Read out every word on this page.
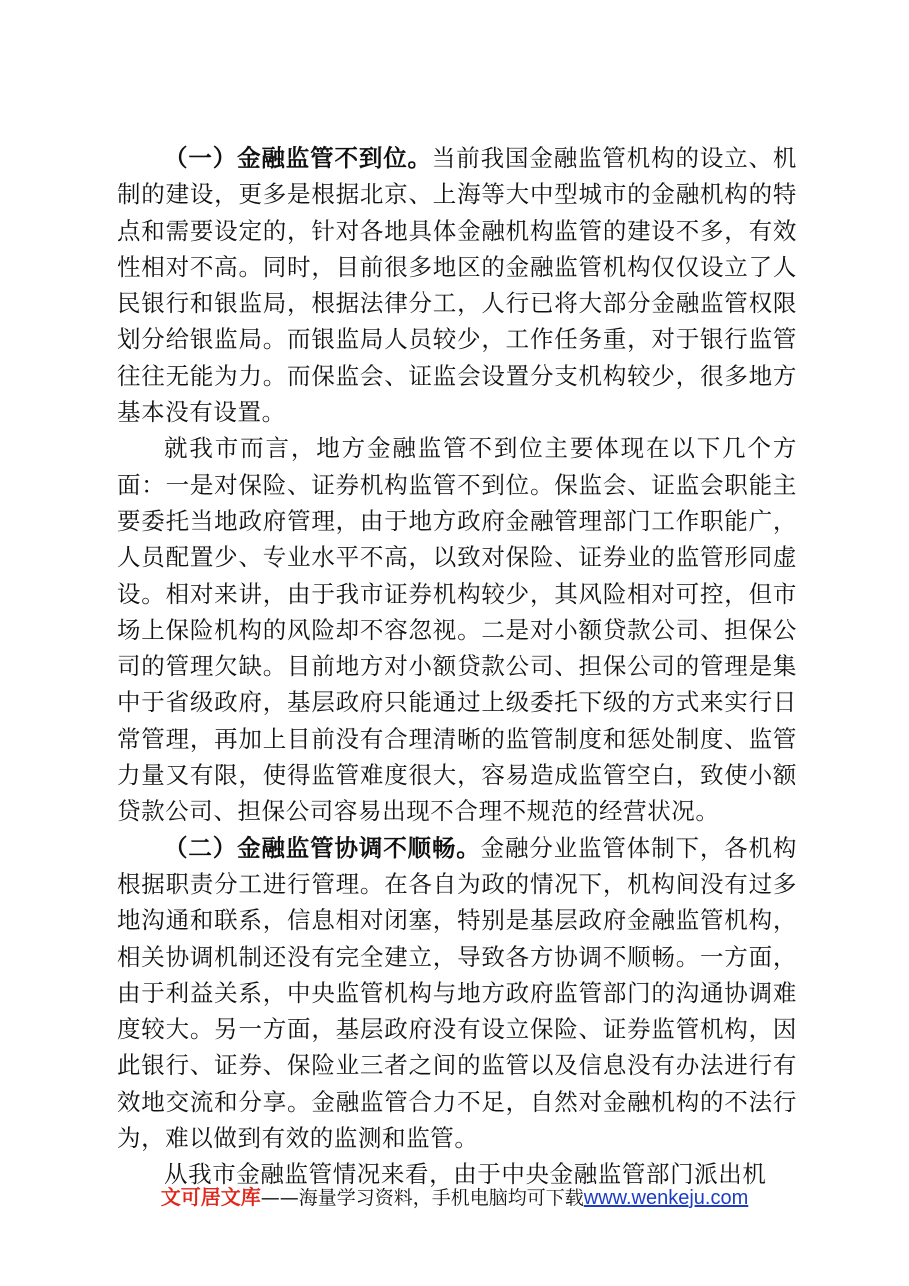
（一）金融监管不到位。当前我国金融监管机构的设立、机制的建设，更多是根据北京、上海等大中型城市的金融机构的特点和需要设定的，针对各地具体金融机构监管的建设不多，有效性相对不高。同时，目前很多地区的金融监管机构仅仅设立了人民银行和银监局，根据法律分工，人行已将大部分金融监管权限划分给银监局。而银监局人员较少，工作任务重，对于银行监管往往无能为力。而保监会、证监会设置分支机构较少，很多地方基本没有设置。

就我市而言，地方金融监管不到位主要体现在以下几个方面：一是对保险、证券机构监管不到位。保监会、证监会职能主要委托当地政府管理，由于地方政府金融管理部门工作职能广，人员配置少、专业水平不高，以致对保险、证券业的监管形同虚设。相对来讲，由于我市证券机构较少，其风险相对可控，但市场上保险机构的风险却不容忽视。二是对小额贷款公司、担保公司的管理欠缺。目前地方对小额贷款公司、担保公司的管理是集中于省级政府，基层政府只能通过上级委托下级的方式来实行日常管理，再加上目前没有合理清晰的监管制度和惩处制度、监管力量又有限，使得监管难度很大，容易造成监管空白，致使小额贷款公司、担保公司容易出现不合理不规范的经营状况。

（二）金融监管协调不顺畅。金融分业监管体制下，各机构根据职责分工进行管理。在各自为政的情况下，机构间没有过多地沟通和联系，信息相对闭塞，特别是基层政府金融监管机构，相关协调机制还没有完全建立，导致各方协调不顺畅。一方面，由于利益关系，中央监管机构与地方政府监管部门的沟通协调难度较大。另一方面，基层政府没有设立保险、证券监管机构，因此银行、证券、保险业三者之间的监管以及信息没有办法进行有效地交流和分享。金融监管合力不足，自然对金融机构的不法行为，难以做到有效的监测和监管。

从我市金融监管情况来看，由于中央金融监管部门派出机

文可居文库——海量学习资料，手机电脑均可下载www.wenkeju.com
